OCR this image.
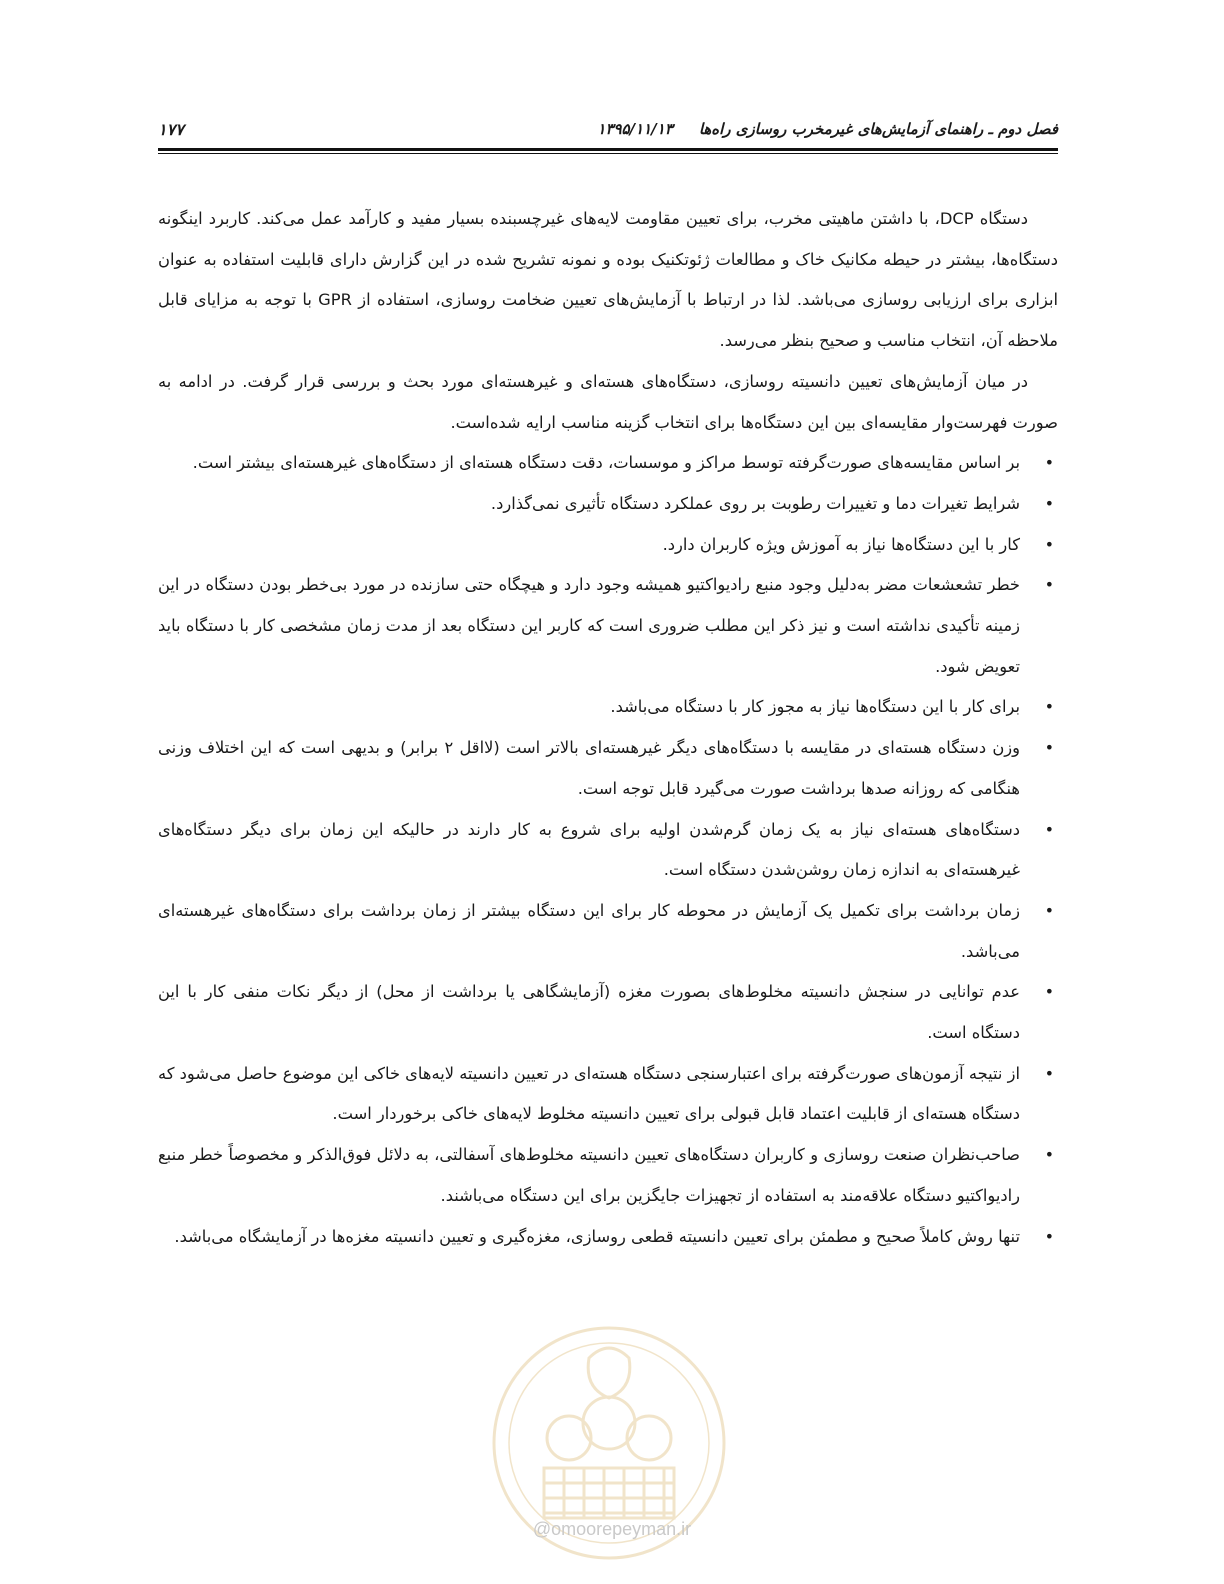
فصل دوم ـ راهنمای آزمایش‌های غیرمخرب روسازی راه‌ها۱۳۹۵/۱۱/۱۳
۱۷۷

دستگاه DCP، با داشتن ماهیتی مخرب، برای تعیین مقاومت لایه‌های غیرچسبنده بسیار مفید و کارآمد عمل می‌کند. کاربرد اینگونه دستگاه‌ها، بیشتر در حیطه مکانیک خاک و مطالعات ژئوتکنیک بوده و نمونه تشریح شده در این گزارش دارای قابلیت استفاده به عنوان ابزاری برای ارزیابی روسازی می‌باشد. لذا در ارتباط با آزمایش‌های تعیین ضخامت روسازی، استفاده از GPR با توجه به مزایای قابل ملاحظه آن، انتخاب مناسب و صحیح بنظر می‌رسد.

در میان آزمایش‌های تعیین دانسیته روسازی، دستگاه‌های هسته‌ای و غیرهسته‌ای مورد بحث و بررسی قرار گرفت. در ادامه به صورت فهرست‌وار مقایسه‌ای بین این دستگاه‌ها برای انتخاب گزینه مناسب ارایه شده‌است.

•
بر اساس مقایسه‌های صورت‌گرفته توسط مراکز و موسسات، دقت دستگاه هسته‌ای از دستگاه‌های غیرهسته‌ای بیشتر است.
•
شرایط تغیرات دما و تغییرات رطوبت بر روی عملکرد دستگاه تأثیری نمی‌گذارد.
•
کار با این دستگاه‌ها نیاز به آموزش ویژه کاربران دارد.
•
خطر تشعشعات مضر به‌دلیل وجود منبع رادیواکتیو همیشه وجود دارد و هیچگاه حتی سازنده در مورد بی‌خطر بودن دستگاه در این زمینه تأکیدی نداشته است و نیز ذکر این مطلب ضروری است که کاربر این دستگاه بعد از مدت زمان مشخصی کار با دستگاه باید تعویض شود.
•
برای کار با این دستگاه‌ها نیاز به مجوز کار با دستگاه می‌باشد.
•
وزن دستگاه هسته‌ای در مقایسه با دستگاه‌های دیگر غیرهسته‌ای بالاتر است (لااقل ۲ برابر) و بدیهی است که این اختلاف وزنی هنگامی که روزانه صدها برداشت صورت می‌گیرد قابل توجه است.
•
دستگاه‌های هسته‌ای نیاز به یک زمان گرم‌شدن اولیه برای شروع به کار دارند در حالیکه این زمان برای دیگر دستگاه‌های غیرهسته‌ای به اندازه زمان روشن‌شدن دستگاه است.
•
زمان برداشت برای تکمیل یک آزمایش در محوطه کار برای این دستگاه بیشتر از زمان برداشت برای دستگاه‌های غیرهسته‌ای می‌باشد.
•
عدم توانایی در سنجش دانسیته مخلوط‌های بصورت مغزه (آزمایشگاهی یا برداشت از محل) از دیگر نکات منفی کار با این دستگاه است.
•
از نتیجه آزمون‌های صورت‌گرفته برای اعتبارسنجی دستگاه هسته‌ای در تعیین دانسیته لایه‌های خاکی این موضوع حاصل می‌شود که دستگاه هسته‌ای از قابلیت اعتماد قابل قبولی برای تعیین دانسیته مخلوط لایه‌های خاکی برخوردار است.
•
صاحب‌نظران صنعت روسازی و کاربران دستگاه‌های تعیین دانسیته مخلوط‌های آسفالتی، به دلائل فوق‌الذکر و مخصوصاً خطر منبع رادیواکتیو دستگاه علاقه‌مند به استفاده از تجهیزات جایگزین برای این دستگاه می‌باشند.
•
تنها روش کاملاً صحیح و مطمئن برای تعیین دانسیته قطعی روسازی، مغزه‌گیری و تعیین دانسیته مغزه‌ها در آزمایشگاه می‌باشد.
@omoorepeyman.ir
